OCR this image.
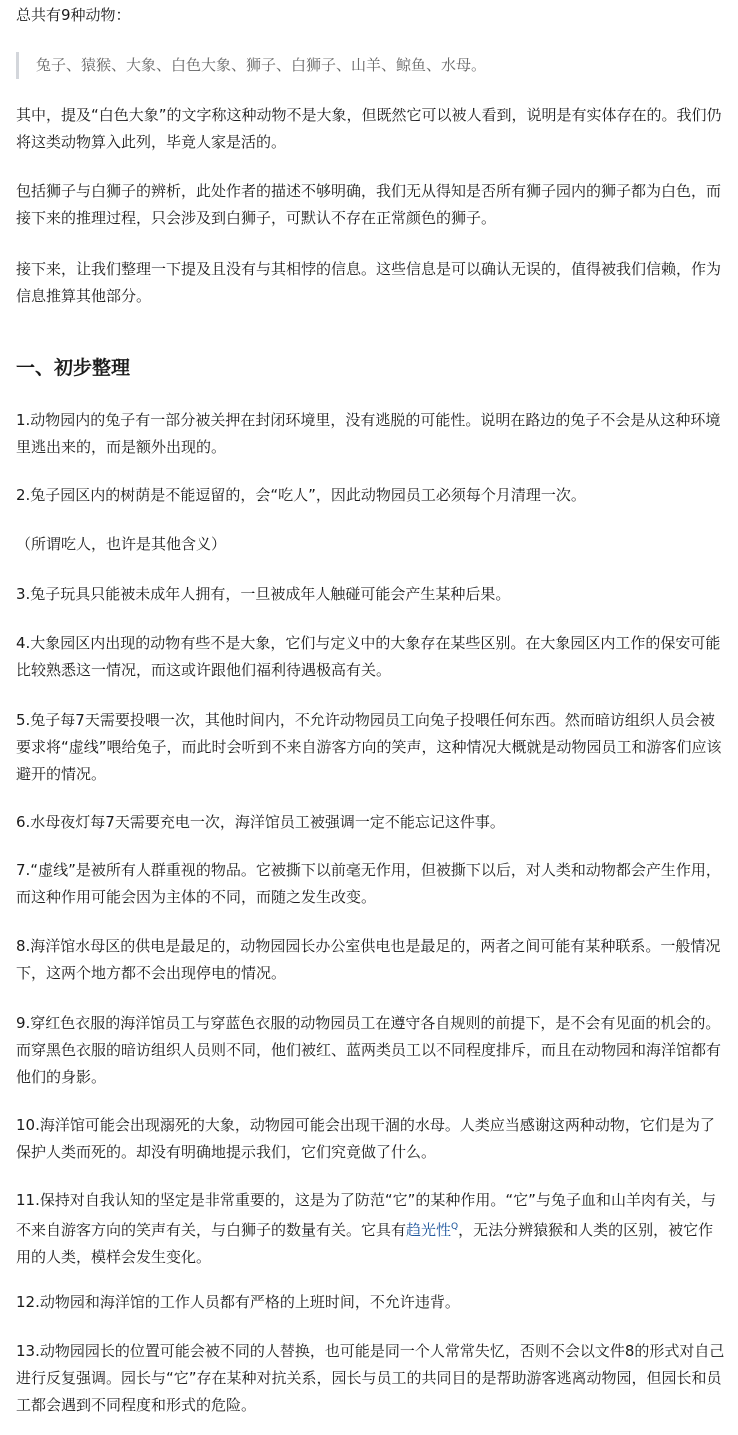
总共有9种动物：

兔子、猿猴、大象、白色大象、狮子、白狮子、山羊、鲸鱼、水母。

其中，提及“白色大象”的文字称这种动物不是大象，但既然它可以被人看到，说明是有实体存在的。我们仍将这类动物算入此列，毕竟人家是活的。

包括狮子与白狮子的辨析，此处作者的描述不够明确，我们无从得知是否所有狮子园内的狮子都为白色，而接下来的推理过程，只会涉及到白狮子，可默认不存在正常颜色的狮子。

接下来，让我们整理一下提及且没有与其相悖的信息。这些信息是可以确认无误的，值得被我们信赖，作为信息推算其他部分。

一、初步整理

1.动物园内的兔子有一部分被关押在封闭环境里，没有逃脱的可能性。说明在路边的兔子不会是从这种环境里逃出来的，而是额外出现的。

2.兔子园区内的树荫是不能逗留的，会“吃人”，因此动物园员工必须每个月清理一次。

（所谓吃人，也许是其他含义）

3.兔子玩具只能被未成年人拥有，一旦被成年人触碰可能会产生某种后果。

4.大象园区内出现的动物有些不是大象，它们与定义中的大象存在某些区别。在大象园区内工作的保安可能比较熟悉这一情况，而这或许跟他们福利待遇极高有关。

5.兔子每7天需要投喂一次，其他时间内，不允许动物园员工向兔子投喂任何东西。然而暗访组织人员会被要求将“虚线”喂给兔子，而此时会听到不来自游客方向的笑声，这种情况大概就是动物园员工和游客们应该避开的情况。

6.水母夜灯每7天需要充电一次，海洋馆员工被强调一定不能忘记这件事。

7.“虚线”是被所有人群重视的物品。它被撕下以前毫无作用，但被撕下以后，对人类和动物都会产生作用，而这种作用可能会因为主体的不同，而随之发生改变。

8.海洋馆水母区的供电是最足的，动物园园长办公室供电也是最足的，两者之间可能有某种联系。一般情况下，这两个地方都不会出现停电的情况。

9.穿红色衣服的海洋馆员工与穿蓝色衣服的动物园员工在遵守各自规则的前提下，是不会有见面的机会的。而穿黑色衣服的暗访组织人员则不同，他们被红、蓝两类员工以不同程度排斥，而且在动物园和海洋馆都有他们的身影。

10.海洋馆可能会出现溺死的大象，动物园可能会出现干涸的水母。人类应当感谢这两种动物，它们是为了保护人类而死的。却没有明确地提示我们，它们究竟做了什么。

11.保持对自我认知的坚定是非常重要的，这是为了防范“它”的某种作用。“它”与兔子血和山羊肉有关，与不来自游客方向的笑声有关，与白狮子的数量有关。它具有趋光性$^Q$，无法分辨猿猴和人类的区别，被它作用的人类，模样会发生变化。

12.动物园和海洋馆的工作人员都有严格的上班时间，不允许违背。

13.动物园园长的位置可能会被不同的人替换，也可能是同一个人常常失忆，否则不会以文件8的形式对自己进行反复强调。园长与“它”存在某种对抗关系，园长与员工的共同目的是帮助游客逃离动物园，但园长和员工都会遇到不同程度和形式的危险。
